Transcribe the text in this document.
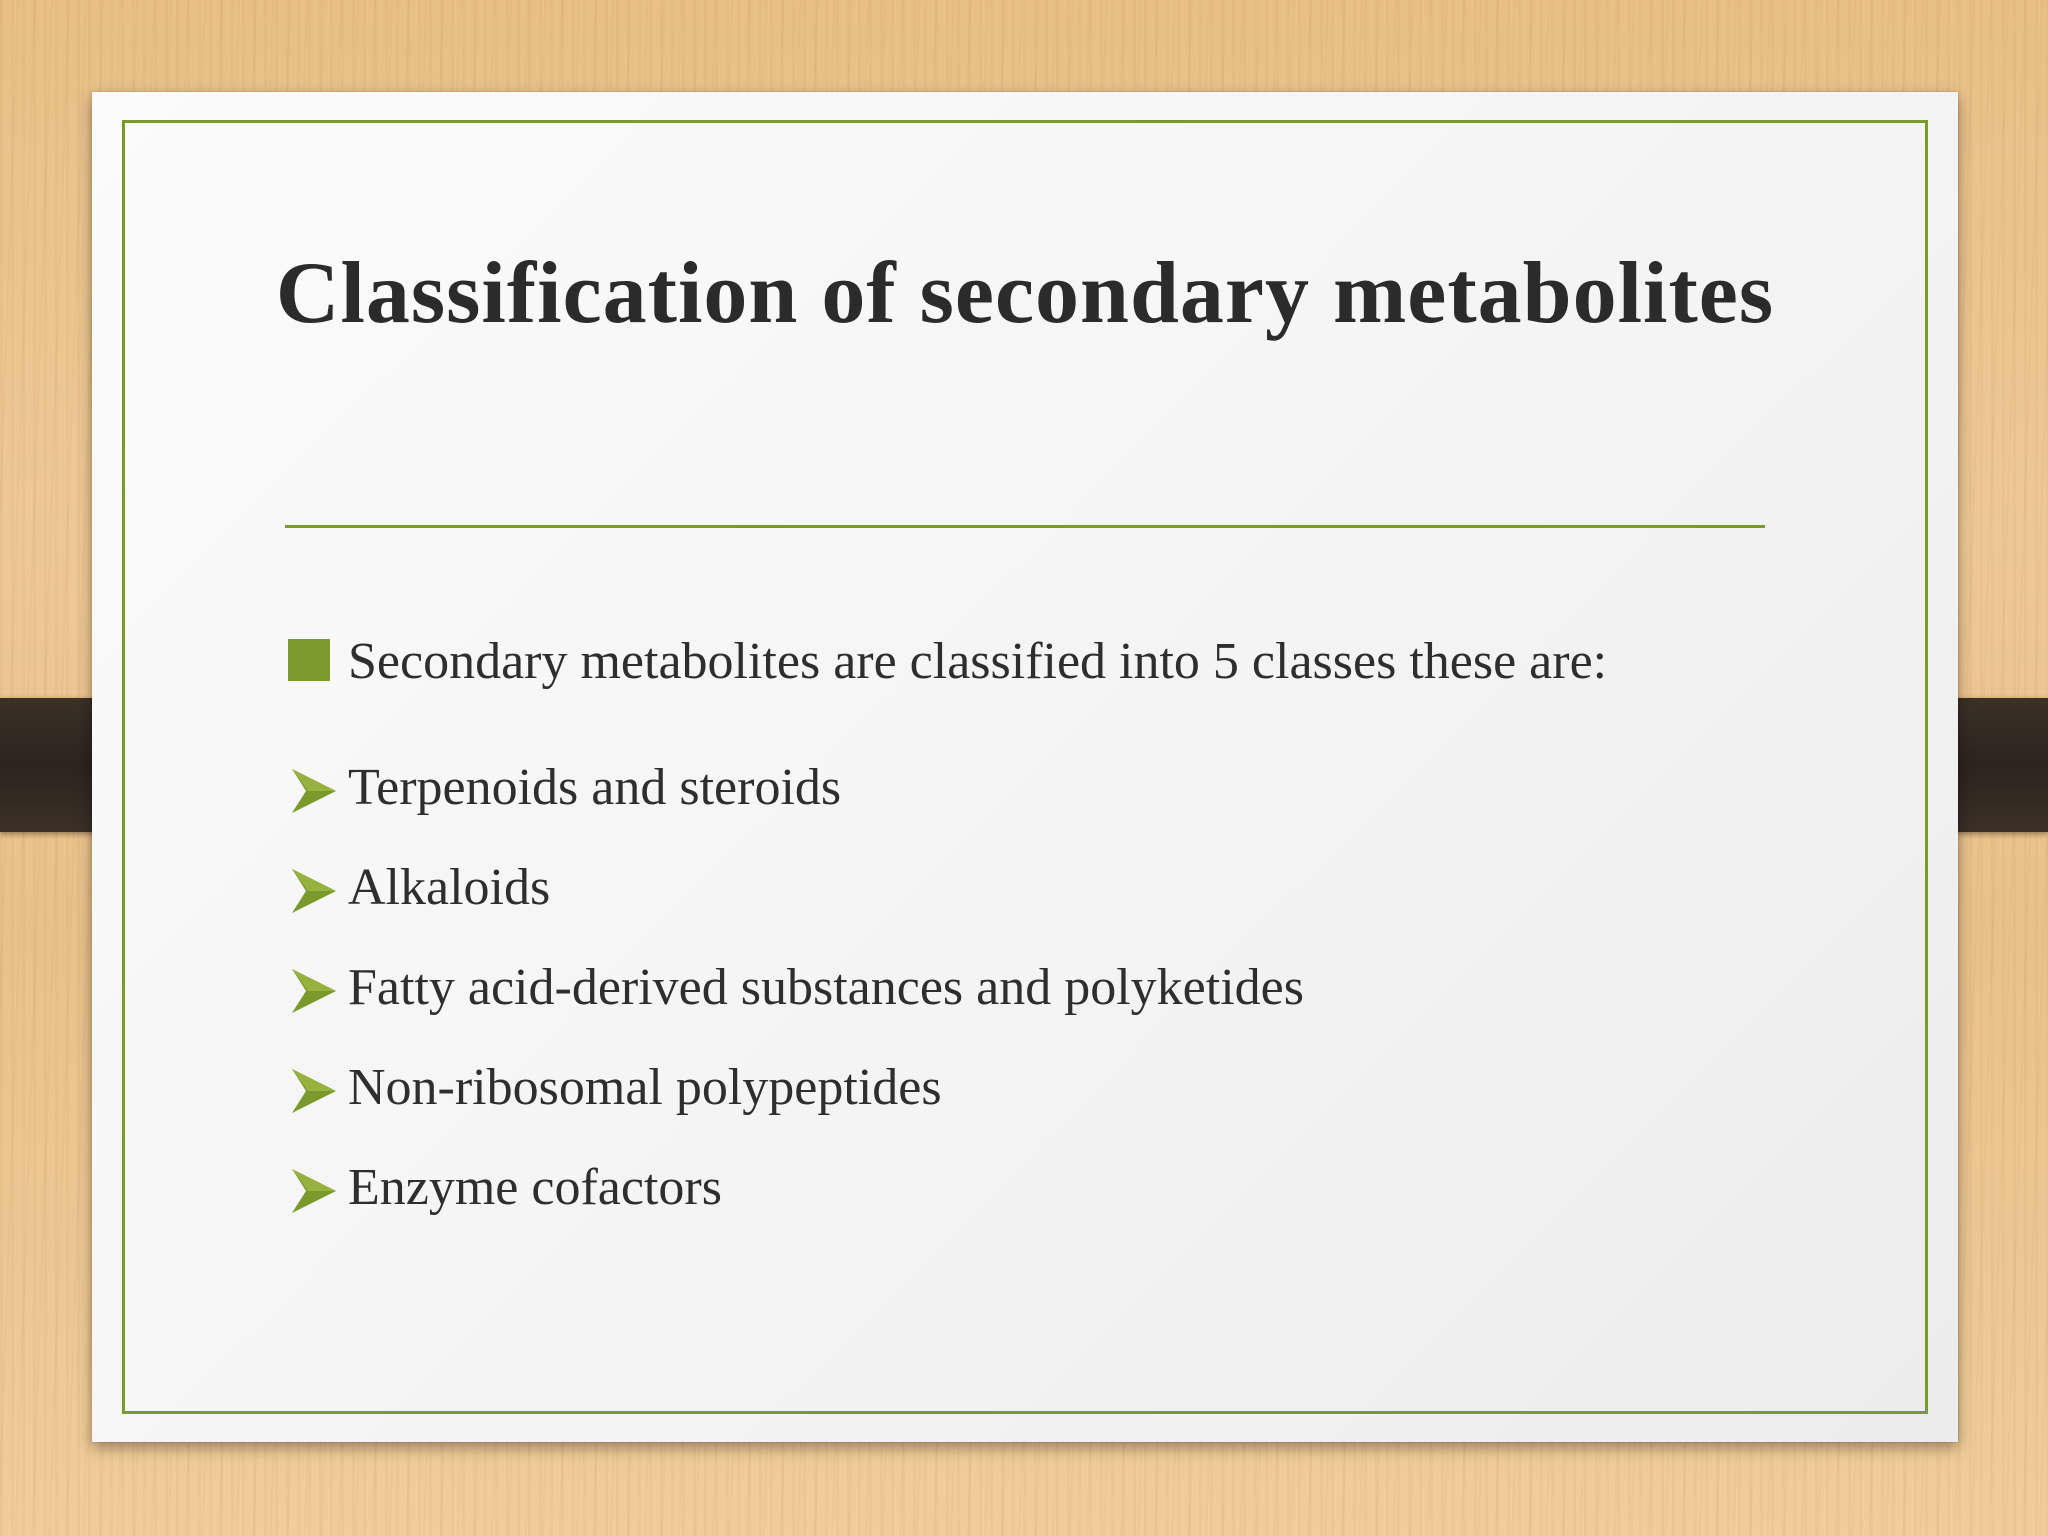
Classification of secondary metabolites
Secondary metabolites are classified into 5 classes these are:
Terpenoids and steroids
Alkaloids
Fatty acid-derived substances and polyketides
Non-ribosomal polypeptides
Enzyme cofactors
